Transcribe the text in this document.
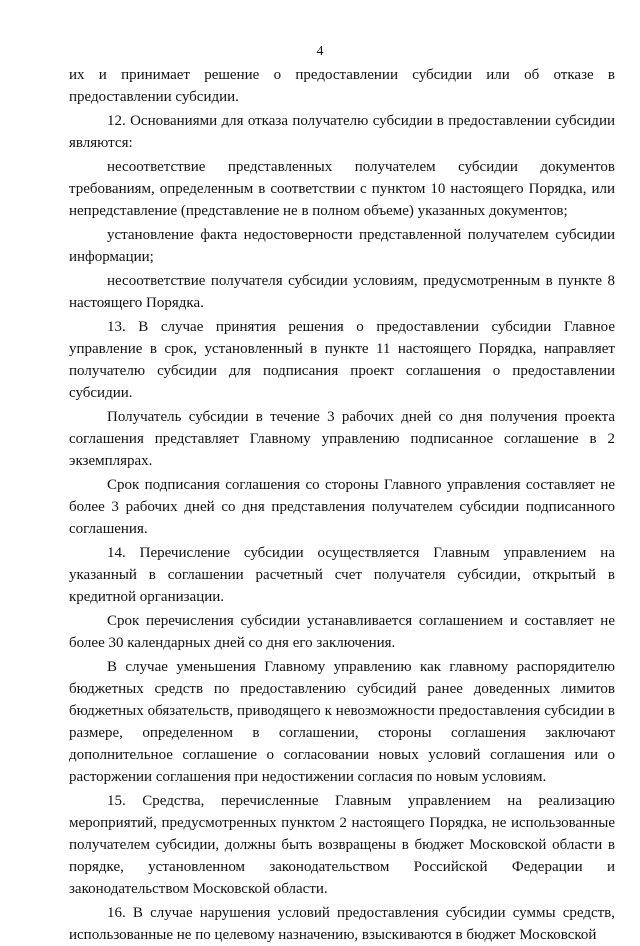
4

их и принимает решение о предоставлении субсидии или об отказе в предоставлении субсидии.

12. Основаниями для отказа получателю субсидии в предоставлении субсидии являются:

несоответствие представленных получателем субсидии документов требованиям, определенным в соответствии с пунктом 10 настоящего Порядка, или непредставление (представление не в полном объеме) указанных документов;

установление факта недостоверности представленной получателем субсидии информации;

несоответствие получателя субсидии условиям, предусмотренным в пункте 8 настоящего Порядка.

13. В случае принятия решения о предоставлении субсидии Главное управление в срок, установленный в пункте 11 настоящего Порядка, направляет получателю субсидии для подписания проект соглашения о предоставлении субсидии.

Получатель субсидии в течение 3 рабочих дней со дня получения проекта соглашения представляет Главному управлению подписанное соглашение в 2 экземплярах.

Срок подписания соглашения со стороны Главного управления составляет не более 3 рабочих дней со дня представления получателем субсидии подписанного соглашения.

14. Перечисление субсидии осуществляется Главным управлением на указанный в соглашении расчетный счет получателя субсидии, открытый в кредитной организации.

Срок перечисления субсидии устанавливается соглашением и составляет не более 30 календарных дней со дня его заключения.

В случае уменьшения Главному управлению как главному распорядителю бюджетных средств по предоставлению субсидий ранее доведенных лимитов бюджетных обязательств, приводящего к невозможности предоставления субсидии в размере, определенном в соглашении, стороны соглашения заключают дополнительное соглашение о согласовании новых условий соглашения или о расторжении соглашения при недостижении согласия по новым условиям.

15. Средства, перечисленные Главным управлением на реализацию мероприятий, предусмотренных пунктом 2 настоящего Порядка, не использованные получателем субсидии, должны быть возвращены в бюджет Московской области в порядке, установленном законодательством Российской Федерации и законодательством Московской области.

16. В случае нарушения условий предоставления субсидии суммы средств, использованные не по целевому назначению, взыскиваются в бюджет Московской
